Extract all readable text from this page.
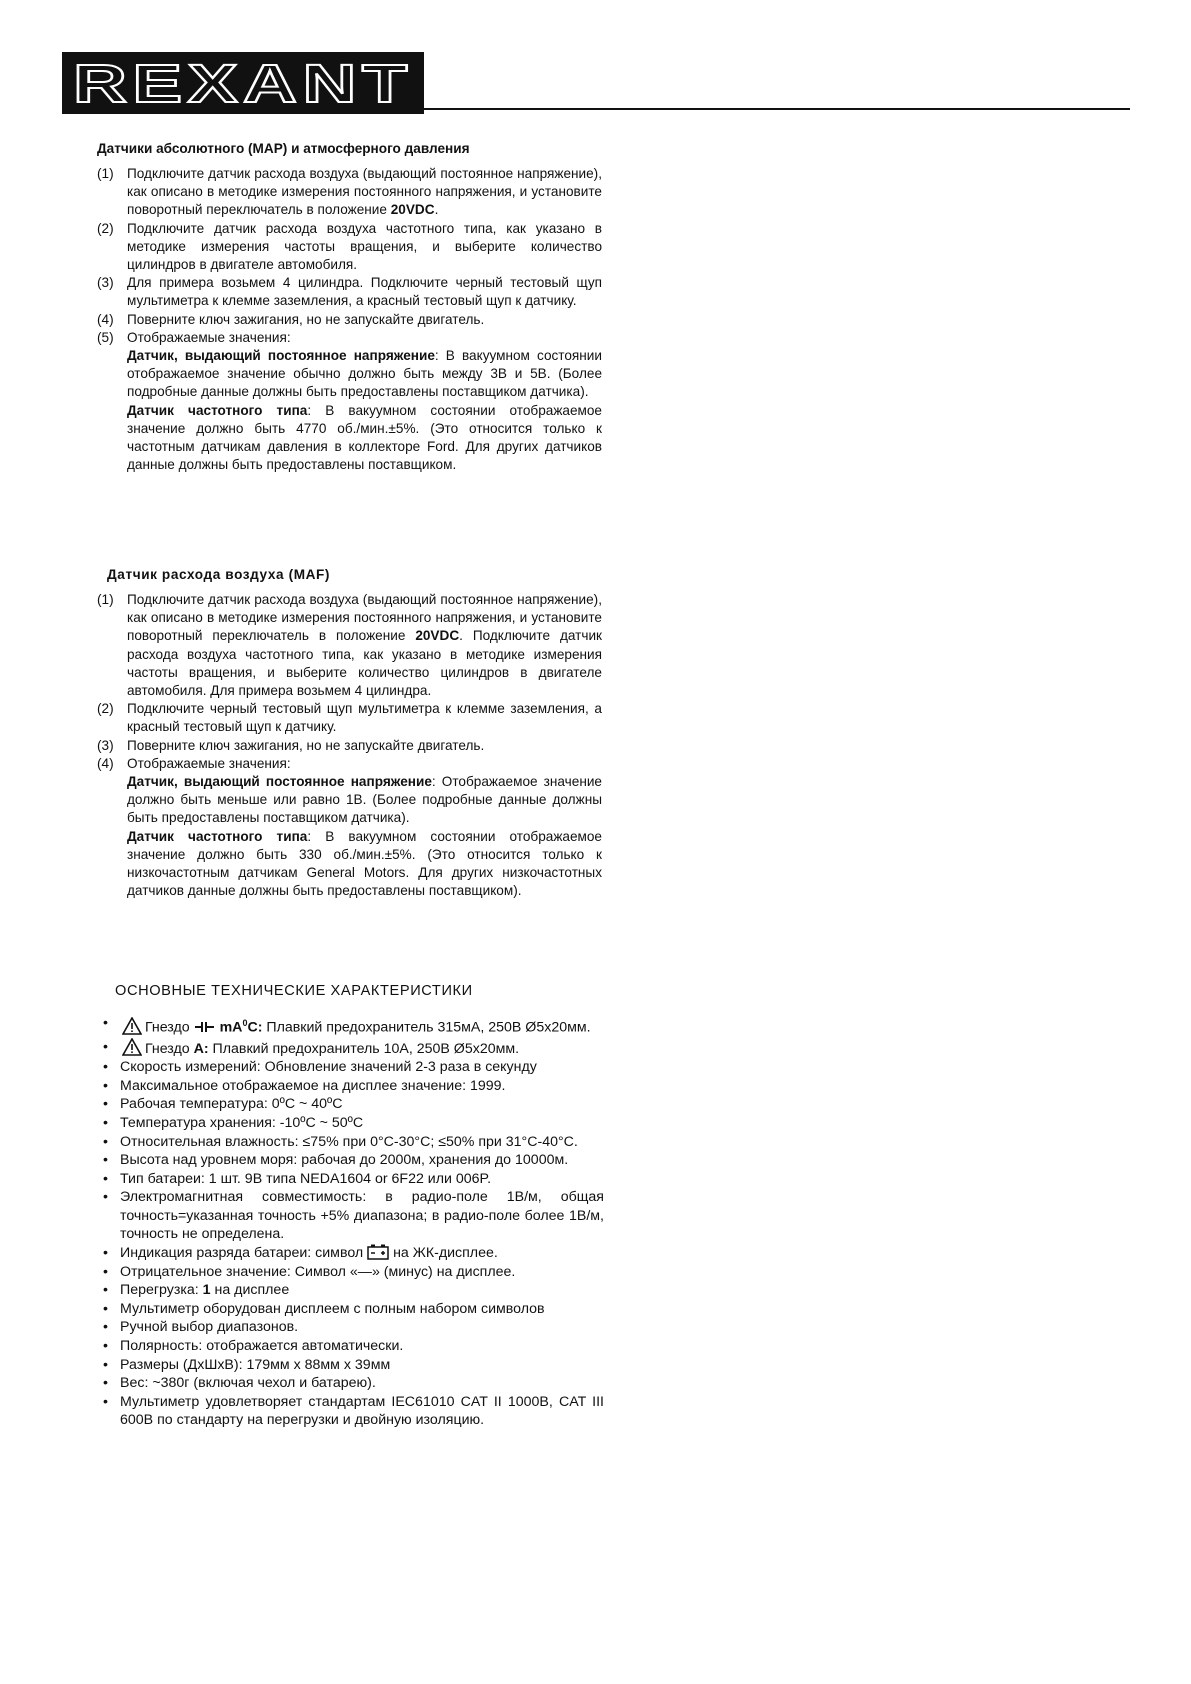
REXANT
Датчики абсолютного (MAP) и атмосферного давления
(1) Подключите датчик расхода воздуха (выдающий постоянное напряжение), как описано в методике измерения постоянного напряжения, и установите поворотный переключатель в положение 20VDC.
(2) Подключите датчик расхода воздуха частотного типа, как указано в методике измерения частоты вращения, и выберите количество цилиндров в двигателе автомобиля.
(3) Для примера возьмем 4 цилиндра. Подключите черный тестовый щуп мультиметра к клемме заземления, а красный тестовый щуп к датчику.
(4) Поверните ключ зажигания, но не запускайте двигатель.
(5) Отображаемые значения:
Датчик, выдающий постоянное напряжение: В вакуумном состоянии отображаемое значение обычно должно быть между 3В и 5В. (Более подробные данные должны быть предоставлены поставщиком датчика).
Датчик частотного типа: В вакуумном состоянии отображаемое значение должно быть 4770 об./мин.±5%. (Это относится только к частотным датчикам давления в коллекторе Ford. Для других датчиков данные должны быть предоставлены поставщиком.
Датчик расхода воздуха (MAF)
(1) Подключите датчик расхода воздуха (выдающий постоянное напряжение), как описано в методике измерения постоянного напряжения, и установите поворотный переключатель в положение 20VDC. Подключите датчик расхода воздуха частотного типа, как указано в методике измерения частоты вращения, и выберите количество цилиндров в двигателе автомобиля. Для примера возьмем 4 цилиндра.
(2) Подключите черный тестовый щуп мультиметра к клемме заземления, а красный тестовый щуп к датчику.
(3) Поверните ключ зажигания, но не запускайте двигатель.
(4) Отображаемые значения:
Датчик, выдающий постоянное напряжение: Отображаемое значение должно быть меньше или равно 1В. (Более подробные данные должны быть предоставлены поставщиком датчика).
Датчик частотного типа: В вакуумном состоянии отображаемое значение должно быть 330 об./мин.±5%. (Это относится только к низкочастотным датчикам General Motors. Для других низкочастотных датчиков данные должны быть предоставлены поставщиком).
ОСНОВНЫЕ ТЕХНИЧЕСКИЕ ХАРАКТЕРИСТИКИ
• Гнездо  $mA^0C$: Плавкий предохранитель 315мА, 250В Ø5х20мм.
• Гнездо A: Плавкий предохранитель 10А, 250В Ø5х20мм.
• Скорость измерений: Обновление значений 2-3 раза в секунду
• Максимальное отображаемое на дисплее значение: 1999.
• Рабочая температура: 0ºC ~ 40ºC
• Температура хранения: -10ºC ~ 50ºC
• Относительная влажность: ≤75% при 0°C-30°C; ≤50% при 31°C-40°C.
• Высота над уровнем моря: рабочая до 2000м, хранения до 10000м.
• Тип батареи: 1 шт. 9В типа NEDA1604 or 6F22 или 006P.
• Электромагнитная совместимость: в радио-поле 1В/м, общая точность=указанная точность +5% диапазона; в радио-поле более 1В/м, точность не определена.
• Индикация разряда батареи: символ  на ЖК-дисплее.
• Отрицательное значение: Символ «—» (минус) на дисплее.
• Перегрузка: 1 на дисплее
• Мультиметр оборудован дисплеем с полным набором символов
• Ручной выбор диапазонов.
• Полярность: отображается автоматически.
• Размеры (ДхШхВ): 179мм х 88мм х 39мм
• Вес: ~380г (включая чехол и батарею).
• Мультиметр удовлетворяет стандартам IEC61010 CAT II 1000В, CAT III 600В по стандарту на перегрузки и двойную изоляцию.
